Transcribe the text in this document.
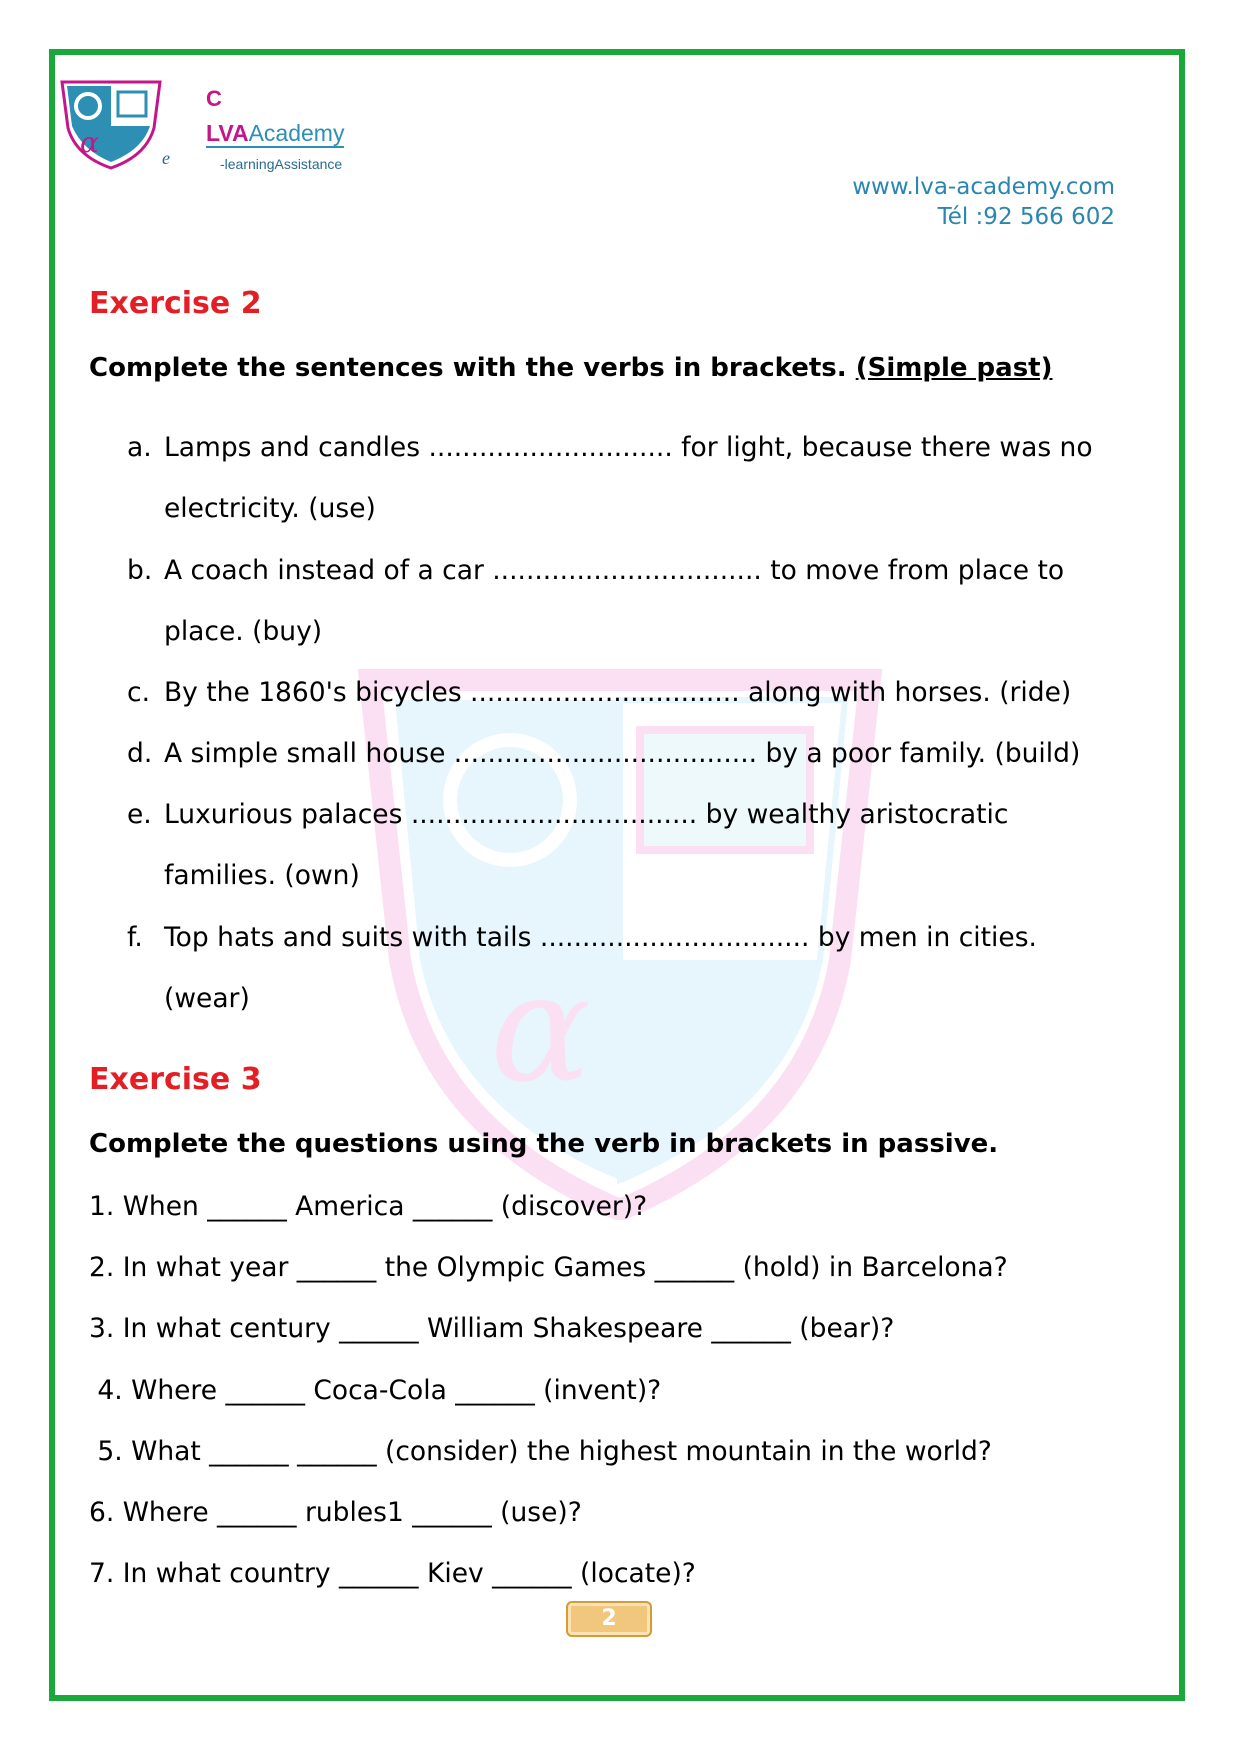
α
α
C
e
LVAAcademy
-learningAssistance
www.lva-academy.com
Tél :92 566 602
Exercise 2
Complete the sentences with the verbs in brackets. (Simple past)
a. Lamps and candles ............................. for light, because there was no
electricity. (use)
b. A coach instead of a car ................................ to move from place to
place. (buy)
c. By the 1860's bicycles ................................ along with horses. (ride)
d. A simple small house .................................... by a poor family. (build)
e. Luxurious palaces .................................. by wealthy aristocratic
families. (own)
f. Top hats and suits with tails ................................ by men in cities.
(wear)
Exercise 3
Complete the questions using the verb in brackets in passive.
1. When ______ America ______ (discover)?
2. In what year ______ the Olympic Games ______ (hold) in Barcelona?
3. In what century ______ William Shakespeare ______ (bear)?
4. Where ______ Coca-Cola ______ (invent)?
5. What ______ ______ (consider) the highest mountain in the world?
6. Where ______ rubles1 ______ (use)?
7. In what country ______ Kiev ______ (locate)?
2
